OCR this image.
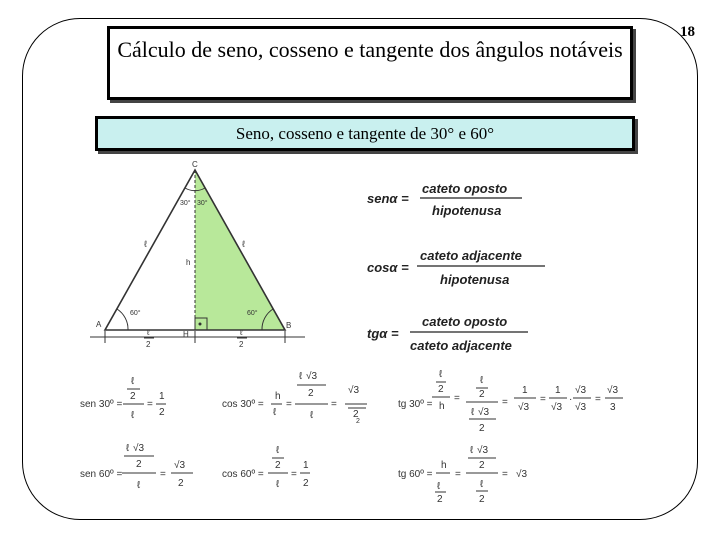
18
Cálculo de seno, cosseno e tangente dos ângulos notáveis
Seno, cosseno e tangente de 30° e 60°
C
A	B
H
30° 30°
60°	60°
ℓ	ℓ
h
ℓ
2
ℓ
2
senα =
cateto oposto
hipotenusa
cosα =
cateto adjacente
hipotenusa
tgα =
cateto oposto
cateto adjacente
sen 30º =
ℓ
2
ℓ
=
1
2
cos 30º =
h
ℓ
=
ℓ √3
2
ℓ
=
√3
2
tg 30º =
ℓ
2
h
=
ℓ
2
ℓ √3
2
=
1
√3
=
1
√3
·
√3
√3
=
√3
3
2
sen 60º =
ℓ √3
2
ℓ
=
√3
2
cos 60º =
ℓ
2
ℓ
=
1
2
tg 60º =
h
ℓ
2
=
ℓ √3
2
ℓ
2
= √3
